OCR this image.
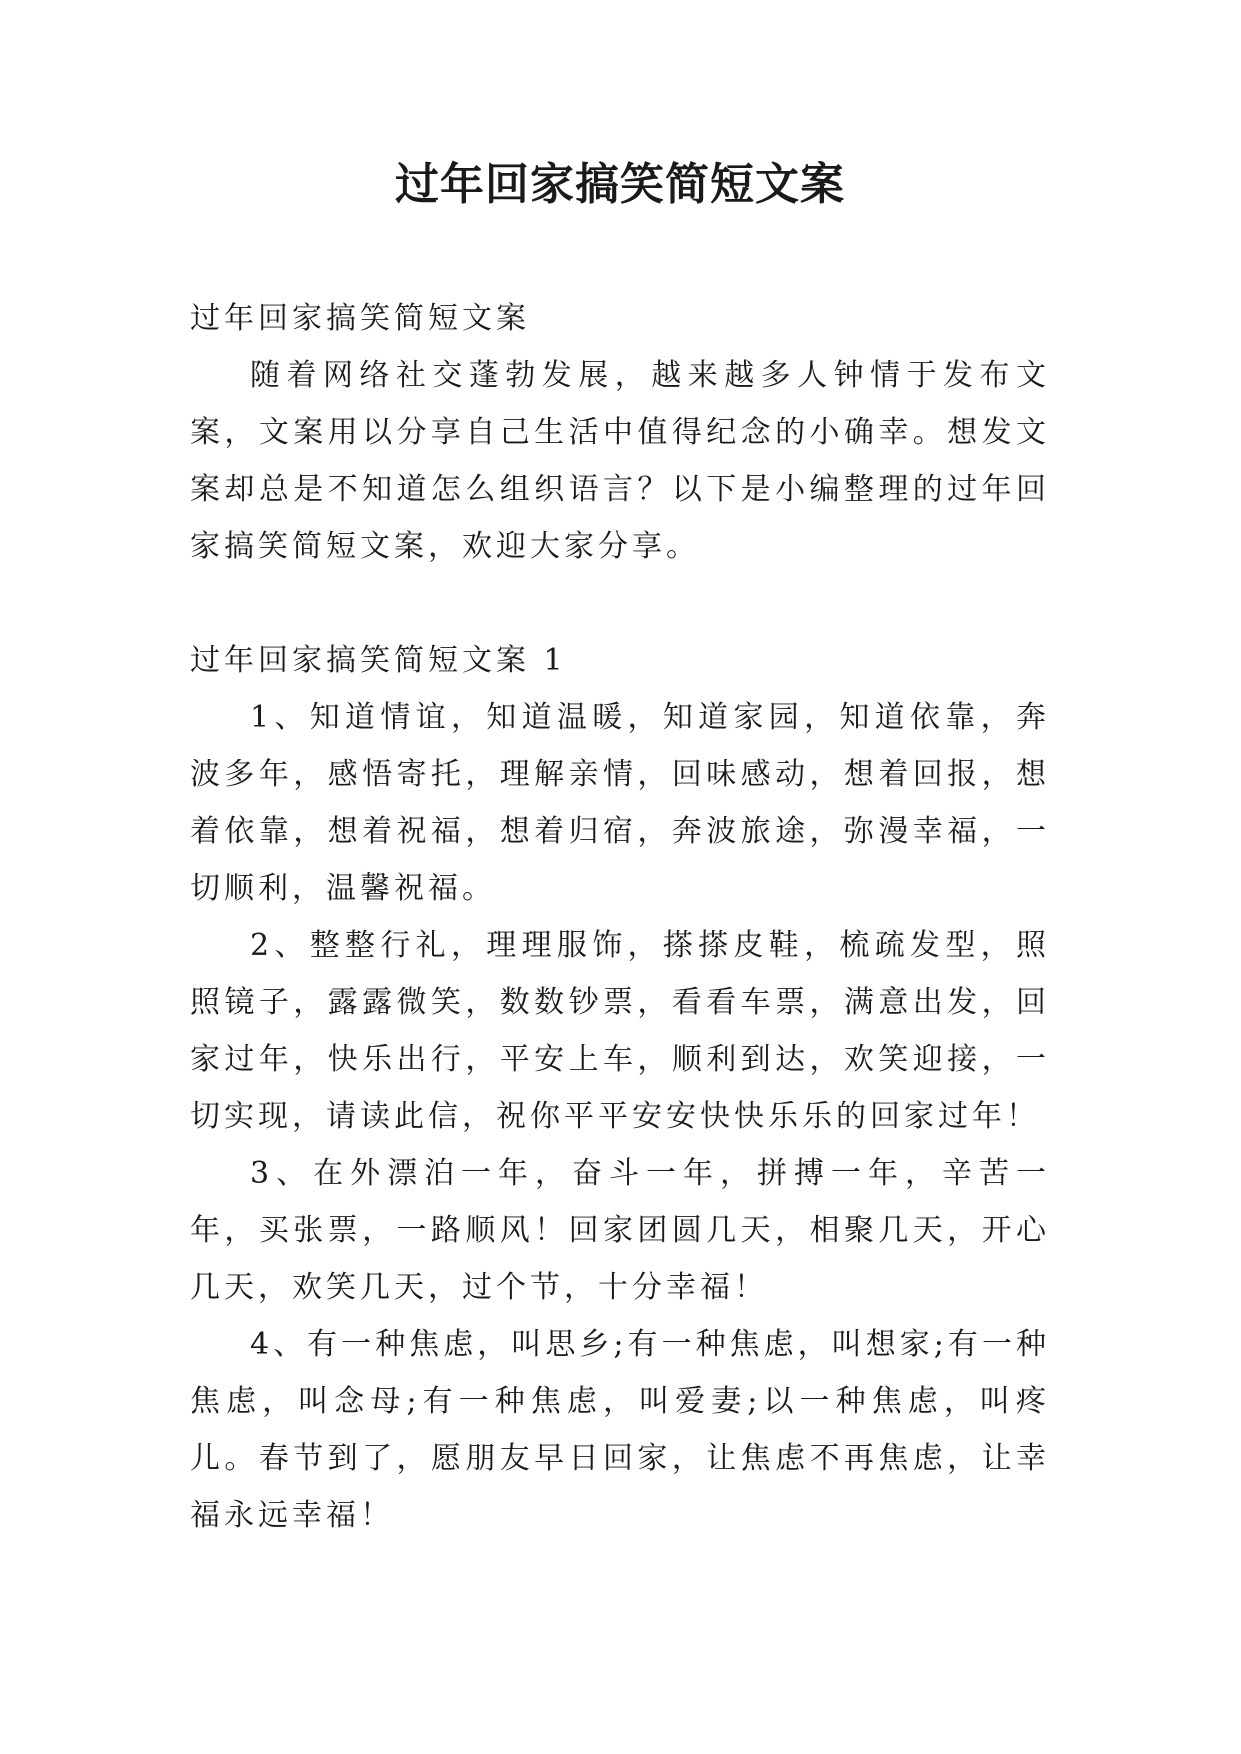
过年回家搞笑简短文案

过年回家搞笑简短文案

随着网络社交蓬勃发展，越来越多人钟情于发布文案，文案用以分享自己生活中值得纪念的小确幸。想发文案却总是不知道怎么组织语言？以下是小编整理的过年回家搞笑简短文案，欢迎大家分享。

过年回家搞笑简短文案 1

1、知道情谊，知道温暖，知道家园，知道依靠，奔波多年，感悟寄托，理解亲情，回味感动，想着回报，想着依靠，想着祝福，想着归宿，奔波旅途，弥漫幸福，一切顺利，温馨祝福。

2、整整行礼，理理服饰，搽搽皮鞋，梳疏发型，照照镜子，露露微笑，数数钞票，看看车票，满意出发，回家过年，快乐出行，平安上车，顺利到达，欢笑迎接，一切实现，请读此信，祝你平平安安快快乐乐的回家过年！

3、在外漂泊一年，奋斗一年，拼搏一年，辛苦一年，买张票，一路顺风！回家团圆几天，相聚几天，开心几天，欢笑几天，过个节，十分幸福！

4、有一种焦虑，叫思乡;有一种焦虑，叫想家;有一种焦虑，叫念母;有一种焦虑，叫爱妻;以一种焦虑，叫疼儿。春节到了，愿朋友早日回家，让焦虑不再焦虑，让幸福永远幸福！
